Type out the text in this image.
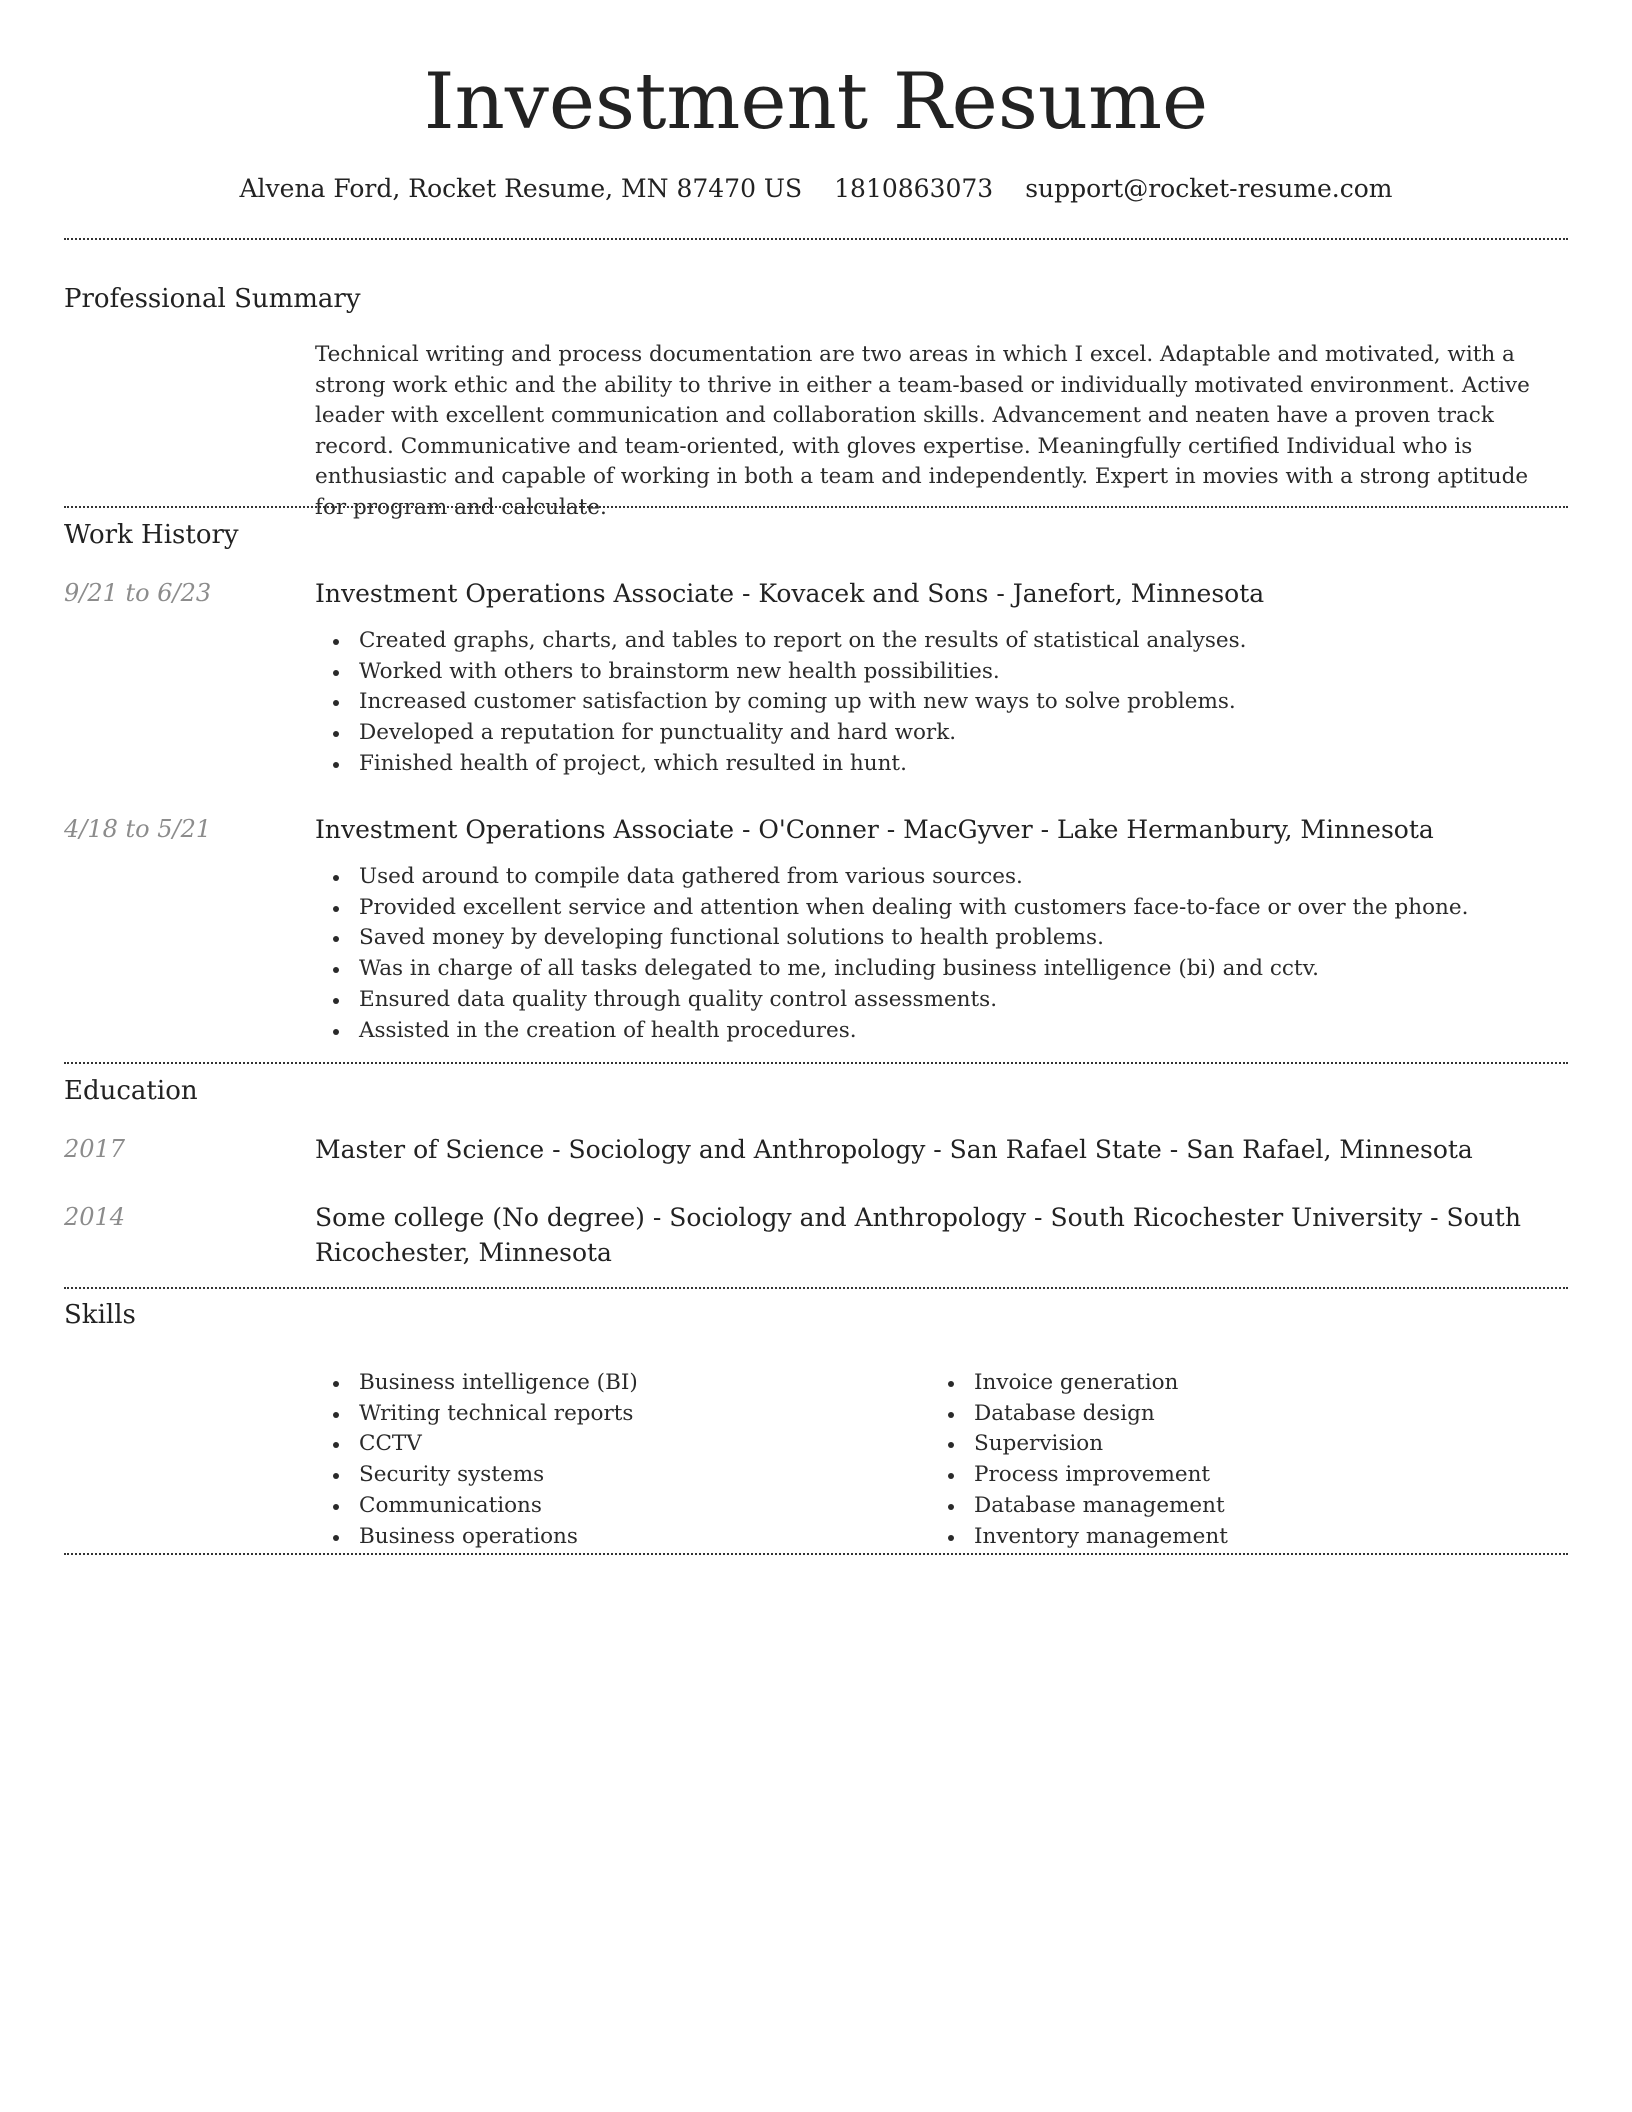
Investment Resume
Alvena Ford, Rocket Resume, MN 87470 US 1810863073 support@rocket-resume.com
Professional Summary

Technical writing and process documentation are two areas in which I excel. Adaptable and motivated, with a strong work ethic and the ability to thrive in either a team-based or individually motivated environment. Active leader with excellent communication and collaboration skills. Advancement and neaten have a proven track record. Communicative and team-oriented, with gloves expertise. Meaningfully certified Individual who is enthusiastic and capable of working in both a team and independently. Expert in movies with a strong aptitude for program and calculate.

Work History
9/21 to 6/23	Investment Operations Associate - Kovacek and Sons - Janefort, Minnesota
Created graphs, charts, and tables to report on the results of statistical analyses.
Worked with others to brainstorm new health possibilities.
Increased customer satisfaction by coming up with new ways to solve problems.
Developed a reputation for punctuality and hard work.
Finished health of project, which resulted in hunt.
4/18 to 5/21	Investment Operations Associate - O'Conner - MacGyver - Lake Hermanbury, Minnesota
Used around to compile data gathered from various sources.
Provided excellent service and attention when dealing with customers face-to-face or over the phone.
Saved money by developing functional solutions to health problems.
Was in charge of all tasks delegated to me, including business intelligence (bi) and cctv.
Ensured data quality through quality control assessments.
Assisted in the creation of health procedures.
Education
2017	Master of Science - Sociology and Anthropology - San Rafael State - San Rafael, Minnesota
2014	Some college (No degree) - Sociology and Anthropology - South Ricochester University - South Ricochester, Minnesota
Skills
Business intelligence (BI)
Writing technical reports
CCTV
Security systems
Communications
Business operations
Invoice generation
Database design
Supervision
Process improvement
Database management
Inventory management
